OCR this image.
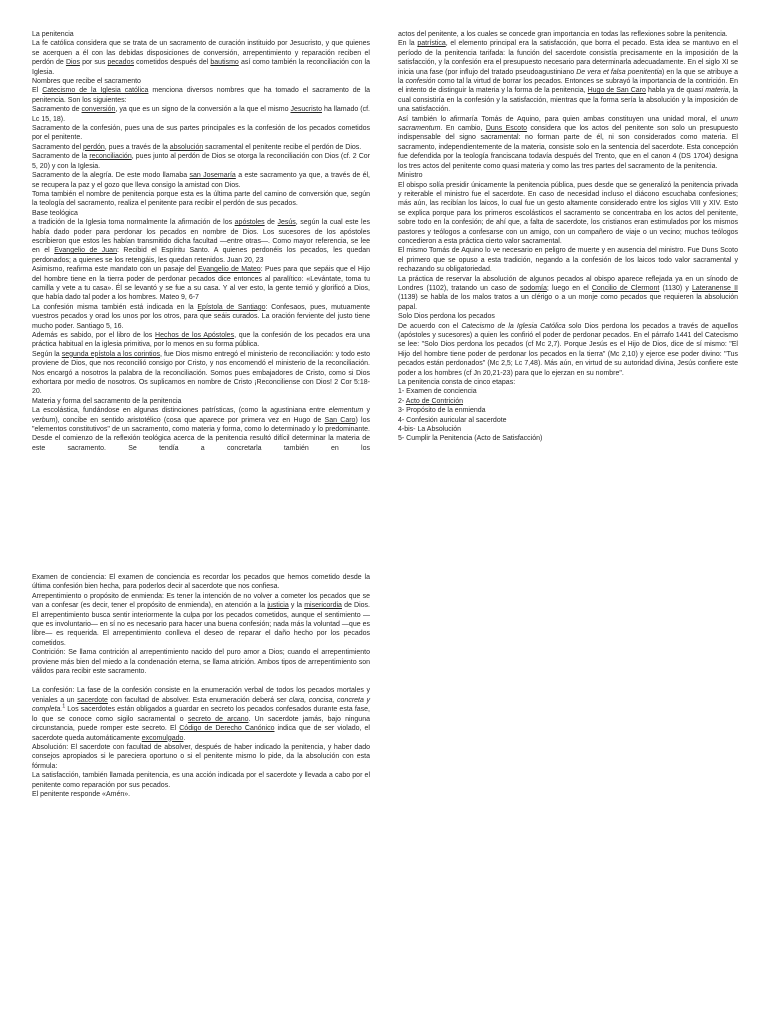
La penitencia

La fe católica considera que se trata de un sacramento de curación instituido por Jesucristo, y que quienes se acerquen a él con las debidas disposiciones de conversión, arrepentimiento y reparación reciben el perdón de Dios por sus pecados cometidos después del bautismo así como también la reconciliación con la Iglesia.

Nombres que recibe el sacramento

El Catecismo de la Iglesia católica menciona diversos nombres que ha tomado el sacramento de la penitencia. Son los siguientes:

Sacramento de conversión, ya que es un signo de la conversión a la que el mismo Jesucristo ha llamado (cf. Lc 15, 18).

Sacramento de la confesión, pues una de sus partes principales es la confesión de los pecados cometidos por el penitente.

Sacramento del perdón, pues a través de la absolución sacramental el penitente recibe el perdón de Dios.

Sacramento de la reconciliación, pues junto al perdón de Dios se otorga la reconciliación con Dios (cf. 2 Cor 5, 20) y con la Iglesia.

Sacramento de la alegría. De este modo llamaba san Josemaría a este sacramento ya que, a través de él, se recupera la paz y el gozo que lleva consigo la amistad con Dios.

Toma también el nombre de penitencia porque esta es la última parte del camino de conversión que, según la teología del sacramento, realiza el penitente para recibir el perdón de sus pecados.

Base teológica

a tradición de la Iglesia toma normalmente la afirmación de los apóstoles de Jesús, según la cual este les había dado poder para perdonar los pecados en nombre de Dios. Los sucesores de los apóstoles escribieron que estos les habían transmitido dicha facultad —entre otras—. Como mayor referencia, se lee en el Evangelio de Juan: Recibid el Espíritu Santo. A quienes perdonéis los pecados, les quedan perdonados; a quienes se los retengáis, les quedan retenidos. Juan 20, 23

Asimismo, reafirma este mandato con un pasaje del Evangelio de Mateo: Pues para que sepáis que el Hijo del hombre tiene en la tierra poder de perdonar pecados dice entonces al paralítico: «Levántate, toma tu camilla y vete a tu casa». Él se levantó y se fue a su casa. Y al ver esto, la gente temió y glorificó a Dios, que había dado tal poder a los hombres. Mateo 9, 6-7

La confesión misma también está indicada en la Epístola de Santiago: Confesaos, pues, mutuamente vuestros pecados y orad los unos por los otros, para que seáis curados. La oración ferviente del justo tiene mucho poder. Santiago 5, 16.

Además es sabido, por el libro de los Hechos de los Apóstoles, que la confesión de los pecados era una práctica habitual en la iglesia primitiva, por lo menos en su forma pública.

Según la segunda epístola a los corintios, fue Dios mismo entregó el ministerio de reconciliación: y todo esto proviene de Dios, que nos reconcilió consigo por Cristo, y nos encomendó el ministerio de la reconciliación. Nos encargó a nosotros la palabra de la reconciliación. Somos pues embajadores de Cristo, como si Dios exhortara por medio de nosotros. Os suplicamos en nombre de Cristo ¡Reconciliense con Dios! 2 Cor 5:18-20.

Materia y forma del sacramento de la penitencia

La escolástica, fundándose en algunas distinciones patrísticas, (como la agustiniana entre elementum y verbum), concibe en sentido aristotélico (cosa que aparece por primera vez en Hugo de San Caro) los "elementos constitutivos" de un sacramento, como materia y forma, como lo determinado y lo predominante. Desde el comienzo de la reflexión teológica acerca de la penitencia resultó difícil determinar la materia de este sacramento. Se tendía a concretarla también en los

actos del penitente, a los cuales se concede gran importancia en todas las reflexiones sobre la penitencia.

En la patrística, el elemento principal era la satisfacción, que borra el pecado. Esta idea se mantuvo en el período de la penitencia tarifada: la función del sacerdote consistía precisamente en la imposición de la satisfacción, y la confesión era el presupuesto necesario para determinarla adecuadamente. En el siglo XI se inicia una fase (por influjo del tratado pseudoagustiniano De vera et falsa poenitentia) en la que se atribuye a la confesión como tal la virtud de borrar los pecados. Entonces se subrayó la importancia de la contrición. En el intento de distinguir la materia y la forma de la penitencia, Hugo de San Caro habla ya de quasi materia, la cual consistiría en la confesión y la satisfacción, mientras que la forma sería la absolución y la imposición de una satisfacción.

Así también lo afirmaría Tomás de Aquino, para quien ambas constituyen una unidad moral, el unum sacramentum. En cambio, Duns Escoto considera que los actos del penitente son solo un presupuesto indispensable del signo sacramental: no forman parte de él, ni son considerados como materia. El sacramento, independientemente de la materia, consiste solo en la sentencia del sacerdote. Esta concepción fue defendida por la teología franciscana todavía después del Trento, que en el canon 4 (DS 1704) designa los tres actos del penitente como quasi materia y como las tres partes del sacramento de la penitencia.

Ministro

El obispo solía presidir únicamente la penitencia pública, pues desde que se generalizó la penitencia privada y reiterable el ministro fue el sacerdote. En caso de necesidad incluso el diácono escuchaba confesiones; más aún, las recibían los laicos, lo cual fue un gesto altamente considerado entre los siglos VIII y XIV. Esto se explica porque para los primeros escolásticos el sacramento se concentraba en los actos del penitente, sobre todo en la confesión; de ahí que, a falta de sacerdote, los cristianos eran estimulados por los mismos pastores y teólogos a confesarse con un amigo, con un compañero de viaje o un vecino; muchos teólogos concedieron a esta práctica cierto valor sacramental.

El mismo Tomás de Aquino lo ve necesario en peligro de muerte y en ausencia del ministro. Fue Duns Scoto el primero que se opuso a esta tradición, negando a la confesión de los laicos todo valor sacramental y rechazando su obligatoriedad.

La práctica de reservar la absolución de algunos pecados al obispo aparece reflejada ya en un sínodo de Londres (1102), tratando un caso de sodomía; luego en el Concilio de Clermont (1130) y Lateranense II (1139) se habla de los malos tratos a un clérigo o a un monje como pecados que requieren la absolución papal.

Solo Dios perdona los pecados

De acuerdo con el Catecismo de la Iglesia Católica solo Dios perdona los pecados a través de aquellos (apóstoles y sucesores) a quien les confirió el poder de perdonar pecados. En el párrafo 1441 del Catecismo se lee: "Solo Dios perdona los pecados (cf Mc 2,7). Porque Jesús es el Hijo de Dios, dice de sí mismo: "El Hijo del hombre tiene poder de perdonar los pecados en la tierra" (Mc 2,10) y ejerce ese poder divino: "Tus pecados están perdonados" (Mc 2,5; Lc 7,48). Más aún, en virtud de su autoridad divina, Jesús confiere este poder a los hombres (cf Jn 20,21-23) para que lo ejerzan en su nombre".

La penitencia consta de cinco etapas:

1- Examen de conciencia

2- Acto de Contrición

3- Propósito de la enmienda

4- Confesión auricular al sacerdote

4-bis- La Absolución

5- Cumplir la Penitencia (Acto de Satisfacción)

Examen de conciencia: El examen de conciencia es recordar los pecados que hemos cometido desde la última confesión bien hecha, para poderlos decir al sacerdote que nos confiesa.

Arrepentimiento o propósito de enmienda: Es tener la intención de no volver a cometer los pecados que se van a confesar (es decir, tener el propósito de enmienda), en atención a la justicia y la misericordia de Dios. El arrepentimiento busca sentir interiormente la culpa por los pecados cometidos, aunque el sentimiento —que es involuntario— en sí no es necesario para hacer una buena confesión; nada más la voluntad —que es libre— es requerida. El arrepentimiento conlleva el deseo de reparar el daño hecho por los pecados cometidos.

Contrición: Se llama contrición al arrepentimiento nacido del puro amor a Dios; cuando el arrepentimiento proviene más bien del miedo a la condenación eterna, se llama atrición. Ambos tipos de arrepentimiento son válidos para recibir este sacramento.

La confesión: La fase de la confesión consiste en la enumeración verbal de todos los pecados mortales y veniales a un sacerdote con facultad de absolver. Esta enumeración deberá ser clara, concisa, concreta y completa.$^1$ Los sacerdotes están obligados a guardar en secreto los pecados confesados durante esta fase, lo que se conoce como sigilo sacramental o secreto de arcano. Un sacerdote jamás, bajo ninguna circunstancia, puede romper este secreto. El Código de Derecho Canónico indica que de ser violado, el sacerdote queda automáticamente excomulgado.

Absolución: El sacerdote con facultad de absolver, después de haber indicado la penitencia, y haber dado consejos apropiados si le pareciera oportuno o si el penitente mismo lo pide, da la absolución con esta fórmula:

La satisfacción, también llamada penitencia, es una acción indicada por el sacerdote y llevada a cabo por el penitente como reparación por sus pecados.

El penitente responde «Amén».
